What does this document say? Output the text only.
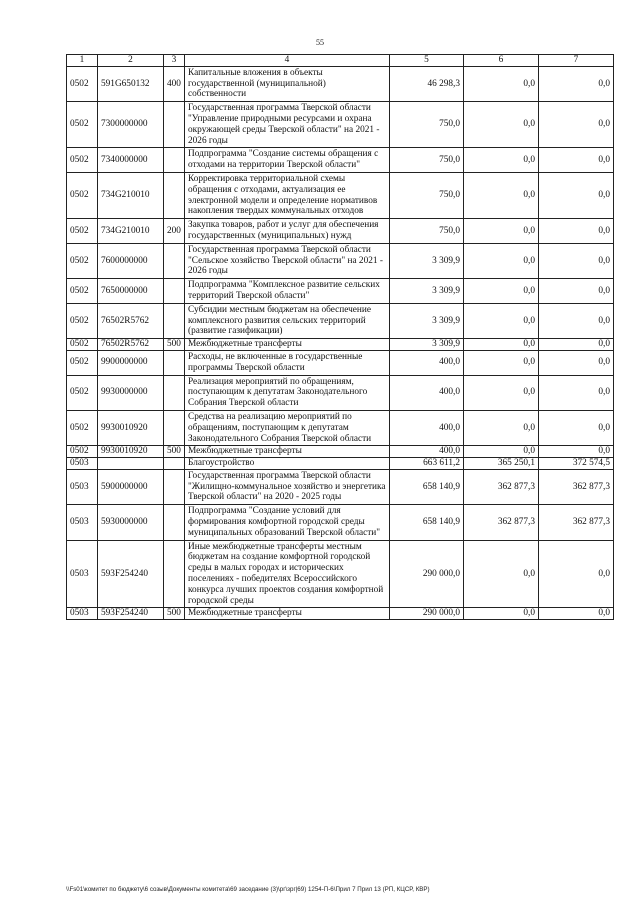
55
1	2	3	4	5	6	7
0502	591G650132	400	Капитальные вложения в объекты государственной (муниципальной) собственности	46 298,3	0,0	0,0
0502	7300000000		Государственная программа Тверской области "Управление природными ресурсами и охрана окружающей среды Тверской области" на 2021 - 2026 годы	750,0	0,0	0,0
0502	7340000000		Подпрограмма "Создание системы обращения с отходами на территории Тверской области"	750,0	0,0	0,0
0502	734G210010		Корректировка территориальной схемы обращения с отходами, актуализация ее электронной модели и определение нормативов накопления твердых коммунальных отходов	750,0	0,0	0,0
0502	734G210010	200	Закупка товаров, работ и услуг для обеспечения государственных (муниципальных) нужд	750,0	0,0	0,0
0502	7600000000		Государственная программа Тверской области "Сельское хозяйство Тверской области" на 2021 - 2026 годы	3 309,9	0,0	0,0
0502	7650000000		Подпрограмма "Комплексное развитие сельских территорий Тверской области"	3 309,9	0,0	0,0
0502	76502R5762		Субсидии местным бюджетам на обеспечение комплексного развития сельских территорий (развитие газификации)	3 309,9	0,0	0,0
0502	76502R5762	500	Межбюджетные трансферты	3 309,9	0,0	0,0
0502	9900000000		Расходы, не включенные в государственные программы Тверской области	400,0	0,0	0,0
0502	9930000000		Реализация мероприятий по обращениям, поступающим к депутатам Законодательного Собрания Тверской области	400,0	0,0	0,0
0502	9930010920		Средства на реализацию мероприятий по обращениям, поступающим к депутатам Законодательного Собрания Тверской области	400,0	0,0	0,0
0502	9930010920	500	Межбюджетные трансферты	400,0	0,0	0,0
0503			Благоустройство	663 611,2	365 250,1	372 574,5
0503	5900000000		Государственная программа Тверской области "Жилищно-коммунальное хозяйство и энергетика Тверской области" на 2020 - 2025 годы	658 140,9	362 877,3	362 877,3
0503	5930000000		Подпрограмма "Создание условий для формирования комфортной городской среды муниципальных образований Тверской области"	658 140,9	362 877,3	362 877,3
0503	593F254240		Иные межбюджетные трансферты местным бюджетам на создание комфортной городской среды в малых городах и исторических поселениях - победителях Всероссийского конкурса лучших проектов создания комфортной городской среды	290 000,0	0,0	0,0
0503	593F254240	500	Межбюджетные трансферты	290 000,0	0,0	0,0
\\Fs01\комитет по бюджету\6 созыв\Документы комитета\69 заседание (3)\рг\зрг|69) 1254-П-6\Прил 7 Прил 13 (РП, КЦСР, КВР)
